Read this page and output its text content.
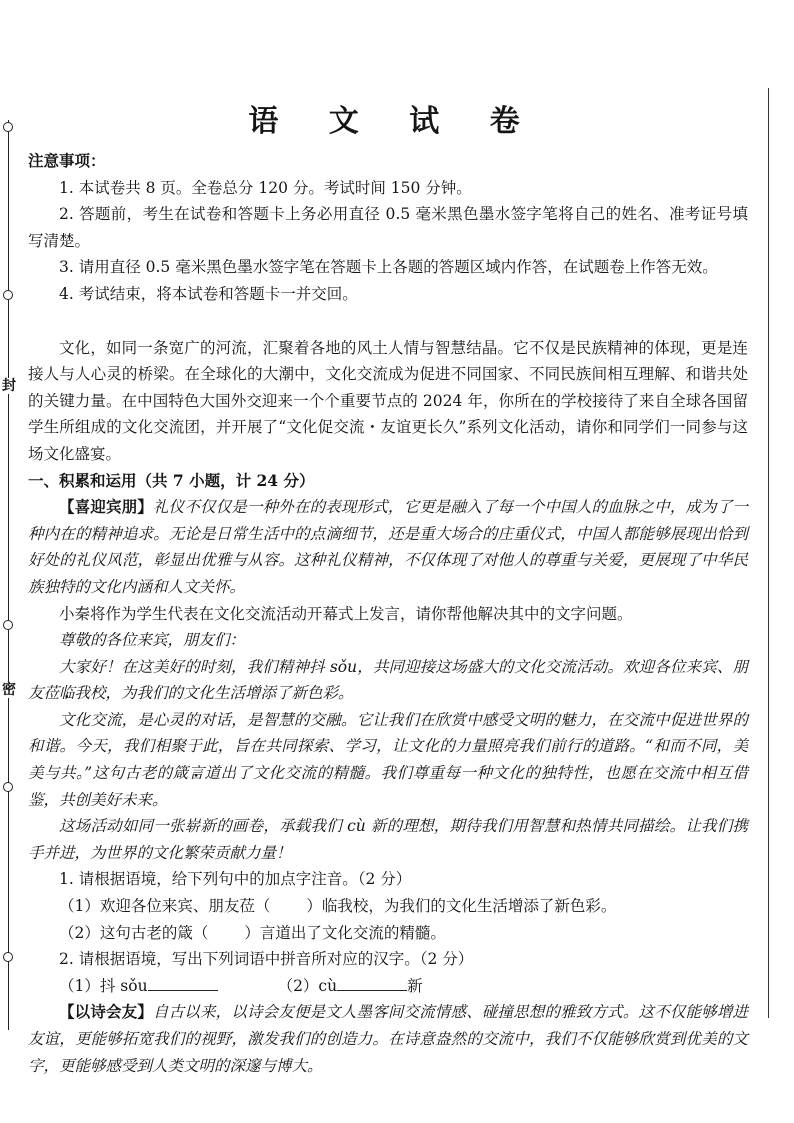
封
密
语 文 试 卷

注意事项：

1. 本试卷共 8 页。全卷总分 120 分。考试时间 150 分钟。

2. 答题前，考生在试卷和答题卡上务必用直径 0.5 毫米黑色墨水签字笔将自己的姓名、准考证号填写清楚。

3. 请用直径 0.5 毫米黑色墨水签字笔在答题卡上各题的答题区域内作答，在试题卷上作答无效。

4. 考试结束，将本试卷和答题卡一并交回。

文化，如同一条宽广的河流，汇聚着各地的风土人情与智慧结晶。它不仅是民族精神的体现，更是连接人与人心灵的桥梁。在全球化的大潮中，文化交流成为促进不同国家、不同民族间相互理解、和谐共处的关键力量。在中国特色大国外交迎来一个个重要节点的 2024 年，你所在的学校接待了来自全球各国留学生所组成的文化交流团，并开展了“文化促交流・友谊更长久”系列文化活动，请你和同学们一同参与这场文化盛宴。

一、积累和运用（共 7 小题，计 24 分）

【喜迎宾朋】礼仪不仅仅是一种外在的表现形式，它更是融入了每一个中国人的血脉之中，成为了一种内在的精神追求。无论是日常生活中的点滴细节，还是重大场合的庄重仪式，中国人都能够展现出恰到好处的礼仪风范，彰显出优雅与从容。这种礼仪精神，不仅体现了对他人的尊重与关爱，更展现了中华民族独特的文化内涵和人文关怀。

小秦将作为学生代表在文化交流活动开幕式上发言，请你帮他解决其中的文字问题。

尊敬的各位来宾，朋友们：

大家好！在这美好的时刻，我们精神抖 sǒu，共同迎接这场盛大的文化交流活动。欢迎各位来宾、朋友莅临我校，为我们的文化生活增添了新色彩。

文化交流，是心灵的对话，是智慧的交融。它让我们在欣赏中感受文明的魅力，在交流中促进世界的和谐。今天，我们相聚于此，旨在共同探索、学习，让文化的力量照亮我们前行的道路。“和而不同，美美与共。”这句古老的箴言道出了文化交流的精髓。我们尊重每一种文化的独特性，也愿在交流中相互借鉴，共创美好未来。

这场活动如同一张崭新的画卷，承载我们 cù 新的理想，期待我们用智慧和热情共同描绘。让我们携手并进，为世界的文化繁荣贡献力量！

1. 请根据语境，给下列句中的加点字注音。（2 分）

（1）欢迎各位来宾、朋友莅（ ）临我校，为我们的文化生活增添了新色彩。

（2）这句古老的箴（ ）言道出了文化交流的精髓。

2. 请根据语境，写出下列词语中拼音所对应的汉字。（2 分）

（1）抖 sǒu	（2）cù	新

【以诗会友】自古以来，以诗会友便是文人墨客间交流情感、碰撞思想的雅致方式。这不仅能够增进友谊，更能够拓宽我们的视野，激发我们的创造力。在诗意盎然的交流中，我们不仅能够欣赏到优美的文字，更能够感受到人类文明的深邃与博大。
